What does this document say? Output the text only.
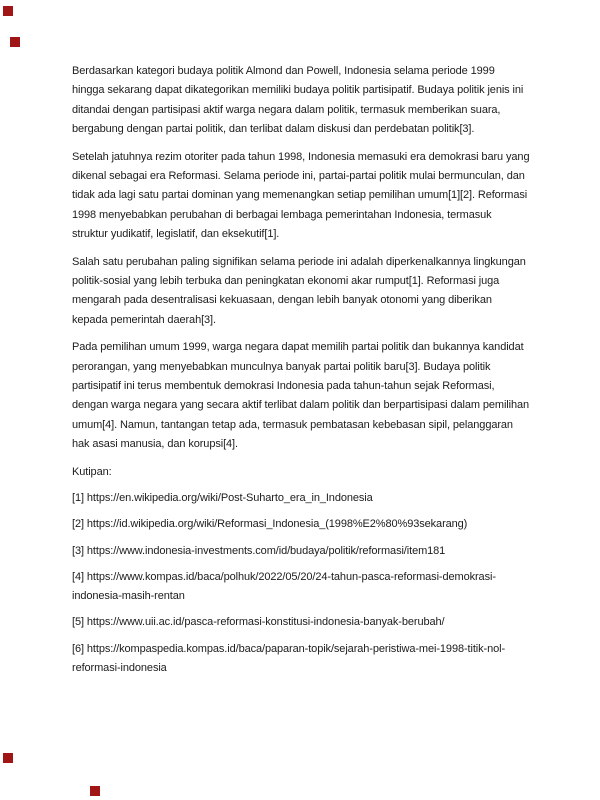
Berdasarkan kategori budaya politik Almond dan Powell, Indonesia selama periode 1999 hingga sekarang dapat dikategorikan memiliki budaya politik partisipatif. Budaya politik jenis ini ditandai dengan partisipasi aktif warga negara dalam politik, termasuk memberikan suara, bergabung dengan partai politik, dan terlibat dalam diskusi dan perdebatan politik[3].

Setelah jatuhnya rezim otoriter pada tahun 1998, Indonesia memasuki era demokrasi baru yang dikenal sebagai era Reformasi. Selama periode ini, partai-partai politik mulai bermunculan, dan tidak ada lagi satu partai dominan yang memenangkan setiap pemilihan umum[1][2]. Reformasi 1998 menyebabkan perubahan di berbagai lembaga pemerintahan Indonesia, termasuk struktur yudikatif, legislatif, dan eksekutif[1].

Salah satu perubahan paling signifikan selama periode ini adalah diperkenalkannya lingkungan politik-sosial yang lebih terbuka dan peningkatan ekonomi akar rumput[1]. Reformasi juga mengarah pada desentralisasi kekuasaan, dengan lebih banyak otonomi yang diberikan kepada pemerintah daerah[3].

Pada pemilihan umum 1999, warga negara dapat memilih partai politik dan bukannya kandidat perorangan, yang menyebabkan munculnya banyak partai politik baru[3]. Budaya politik partisipatif ini terus membentuk demokrasi Indonesia pada tahun-tahun sejak Reformasi, dengan warga negara yang secara aktif terlibat dalam politik dan berpartisipasi dalam pemilihan umum[4]. Namun, tantangan tetap ada, termasuk pembatasan kebebasan sipil, pelanggaran hak asasi manusia, dan korupsi[4].

Kutipan:

[1] https://en.wikipedia.org/wiki/Post-Suharto_era_in_Indonesia

[2] https://id.wikipedia.org/wiki/Reformasi_Indonesia_(1998%E2%80%93sekarang)

[3] https://www.indonesia-investments.com/id/budaya/politik/reformasi/item181

[4] https://www.kompas.id/baca/polhuk/2022/05/20/24-tahun-pasca-reformasi-demokrasi-indonesia-masih-rentan

[5] https://www.uii.ac.id/pasca-reformasi-konstitusi-indonesia-banyak-berubah/

[6] https://kompaspedia.kompas.id/baca/paparan-topik/sejarah-peristiwa-mei-1998-titik-nol-reformasi-indonesia
